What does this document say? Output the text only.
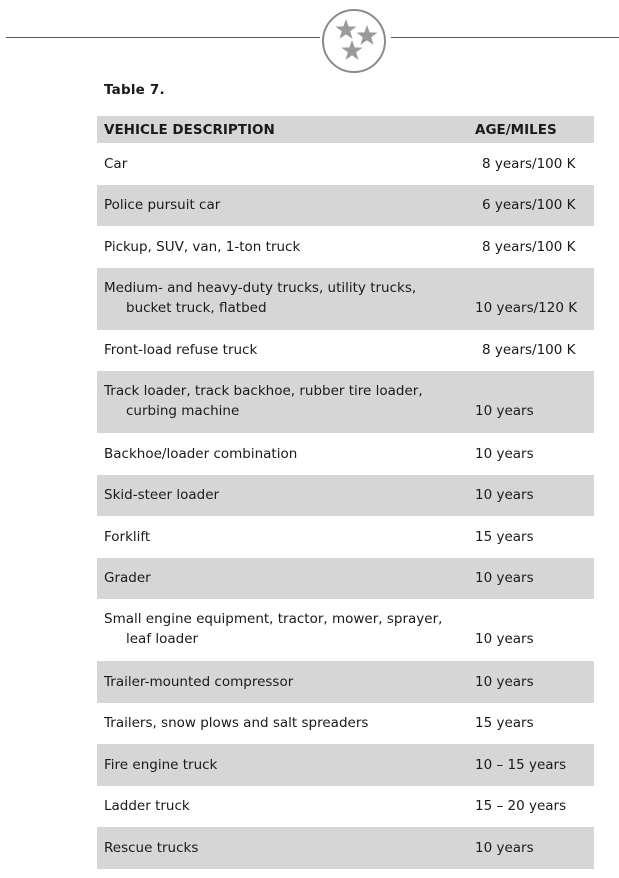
Table 7.
VEHICLE DESCRIPTION	AGE/MILES
Car	8 years/100 K
Police pursuit car	6 years/100 K
Pickup, SUV, van, 1-ton truck	8 years/100 K
Medium- and heavy-duty trucks, utility trucks,
bucket truck, flatbed	10 years/120 K
Front-load refuse truck	8 years/100 K
Track loader, track backhoe, rubber tire loader,
curbing machine	10 years
Backhoe/loader combination	10 years
Skid-steer loader	10 years
Forklift	15 years
Grader	10 years
Small engine equipment, tractor, mower, sprayer,
leaf loader	10 years
Trailer-mounted compressor	10 years
Trailers, snow plows and salt spreaders	15 years
Fire engine truck	10 – 15 years
Ladder truck	15 – 20 years
Rescue trucks	10 years
